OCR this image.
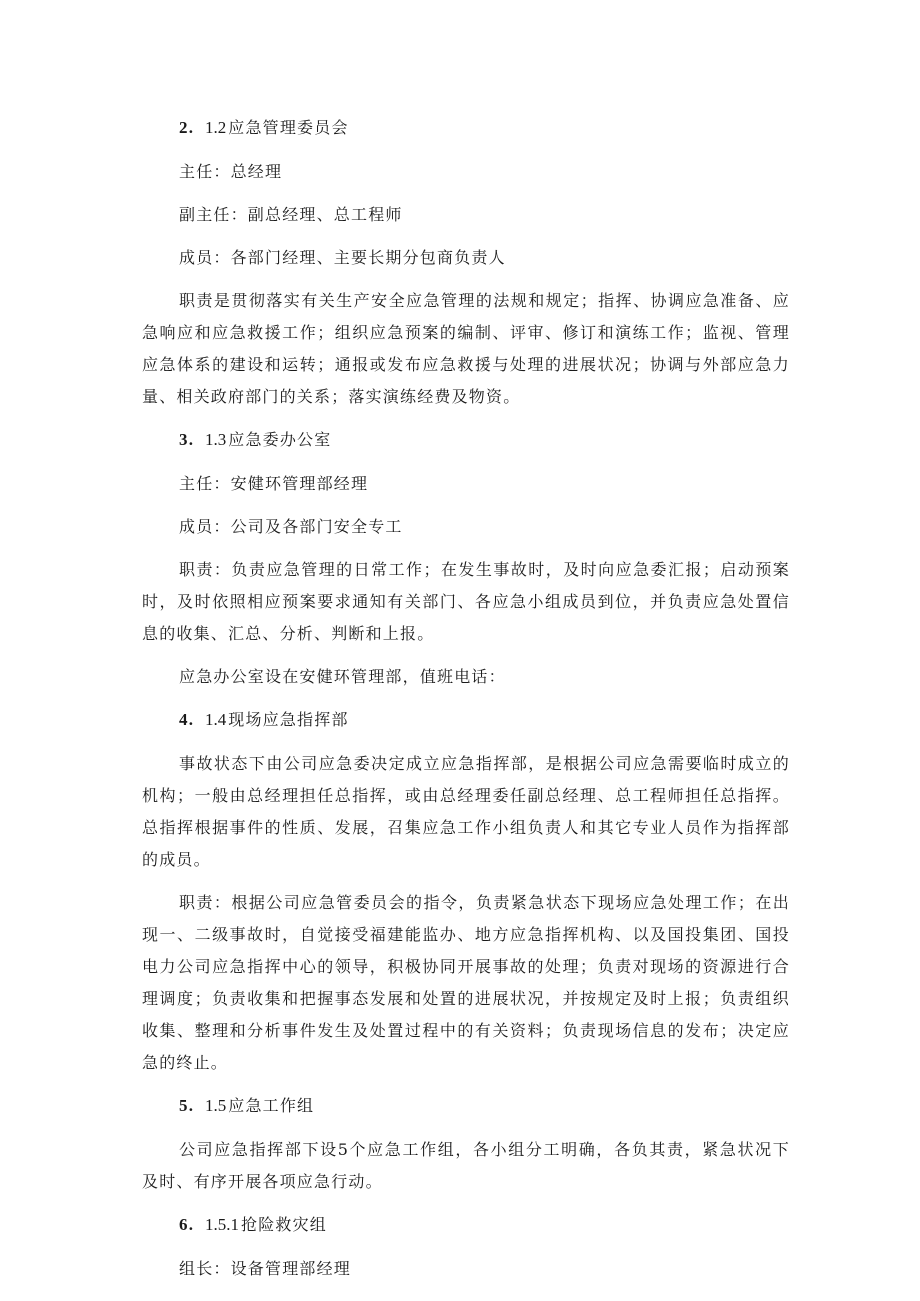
2. 1.2 应急管理委员会
主任：总经理
副主任：副总经理、总工程师
成员：各部门经理、主要长期分包商负责人
职责是贯彻落实有关生产安全应急管理的法规和规定；指挥、协调应急准备、应急响应和应急救援工作；组织应急预案的编制、评审、修订和演练工作；监视、管理应急体系的建设和运转；通报或发布应急救援与处理的进展状况；协调与外部应急力量、相关政府部门的关系；落实演练经费及物资。
3. 1.3 应急委办公室
主任：安健环管理部经理
成员：公司及各部门安全专工
职责：负责应急管理的日常工作；在发生事故时，及时向应急委汇报；启动预案时，及时依照相应预案要求通知有关部门、各应急小组成员到位，并负责应急处置信息的收集、汇总、分析、判断和上报。
应急办公室设在安健环管理部，值班电话：
4. 1.4 现场应急指挥部
事故状态下由公司应急委决定成立应急指挥部，是根据公司应急需要临时成立的机构；一般由总经理担任总指挥，或由总经理委任副总经理、总工程师担任总指挥。总指挥根据事件的性质、发展，召集应急工作小组负责人和其它专业人员作为指挥部的成员。
职责：根据公司应急管委员会的指令，负责紧急状态下现场应急处理工作；在出现一、二级事故时，自觉接受福建能监办、地方应急指挥机构、以及国投集团、国投电力公司应急指挥中心的领导，积极协同开展事故的处理；负责对现场的资源进行合理调度；负责收集和把握事态发展和处置的进展状况，并按规定及时上报；负责组织收集、整理和分析事件发生及处置过程中的有关资料；负责现场信息的发布；决定应急的终止。
5. 1.5 应急工作组
公司应急指挥部下设5个应急工作组，各小组分工明确，各负其责，紧急状况下及时、有序开展各项应急行动。
6. 1.5.1 抢险救灾组
组长：设备管理部经理
